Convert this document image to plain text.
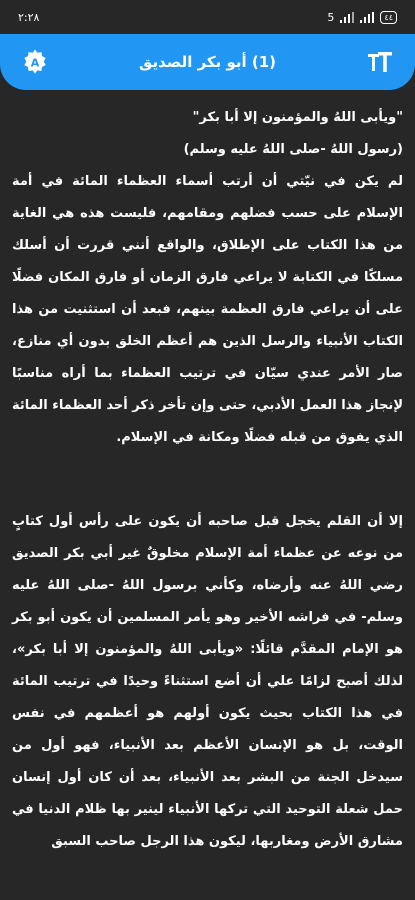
٢:٢٨	5	٤٤
A	(1) أبو بكر الصديق

"ويأبى اللهُ والمؤمنون إلا أبا بكر"
(رسول اللهُ -صلى اللهُ عليه وسلم)
لم يكن في نيّتي أن أرتب أسماء العظماء المائة في أمة الإسلام على حسب فضلهم ومقامهم، فليست هذه هي الغاية من هذا الكتاب على الإطلاق، والواقع أنني قررت أن أسلك مسلكًا في الكتابة لا يراعي فارق الزمان أو فارق المكان فضلًا على أن يراعي فارق العظمة بينهم، فبعد أن استثنيت من هذا الكتاب الأنبياء والرسل الذين هم أعظم الخلق بدون أي منازع، صار الأمر عندي سيّان في ترتيب العظماء بما أراه مناسبًا لإنجاز هذا العمل الأدبي، حتى وإن تأخر ذكر أحد العظماء المائة الذي يفوق من قبله فضلًا ومكانة في الإسلام.

إلا أن القلم يخجل قبل صاحبه أن يكون على رأس أول كتابٍ من نوعه عن عظماء أمة الإسلام مخلوقٌ غير أبي بكر الصديق رضي اللهُ عنه وأرضاه، وكأني برسول اللهُ -صلى اللهُ عليه وسلم- في فراشه الأخير وهو يأمر المسلمين أن يكون أبو بكر هو الإمام المقدَّم قائلًا: «ويأبى اللهُ والمؤمنون إلا أبا بكر»، لذلك أصبح لزامًا علي أن أضع استثناءً وحيدًا في ترتيب المائة في هذا الكتاب بحيث يكون أولهم هو أعظمهم في نفس الوقت، بل هو الإنسان الأعظم بعد الأنبياء، فهو أول من سيدخل الجنة من البشر بعد الأنبياء، بعد أن كان أول إنسان حمل شعلة التوحيد التي تركها الأنبياء لينير بها ظلام الدنيا في مشارق الأرض ومغاربها، ليكون هذا الرجل صاحب السبق
